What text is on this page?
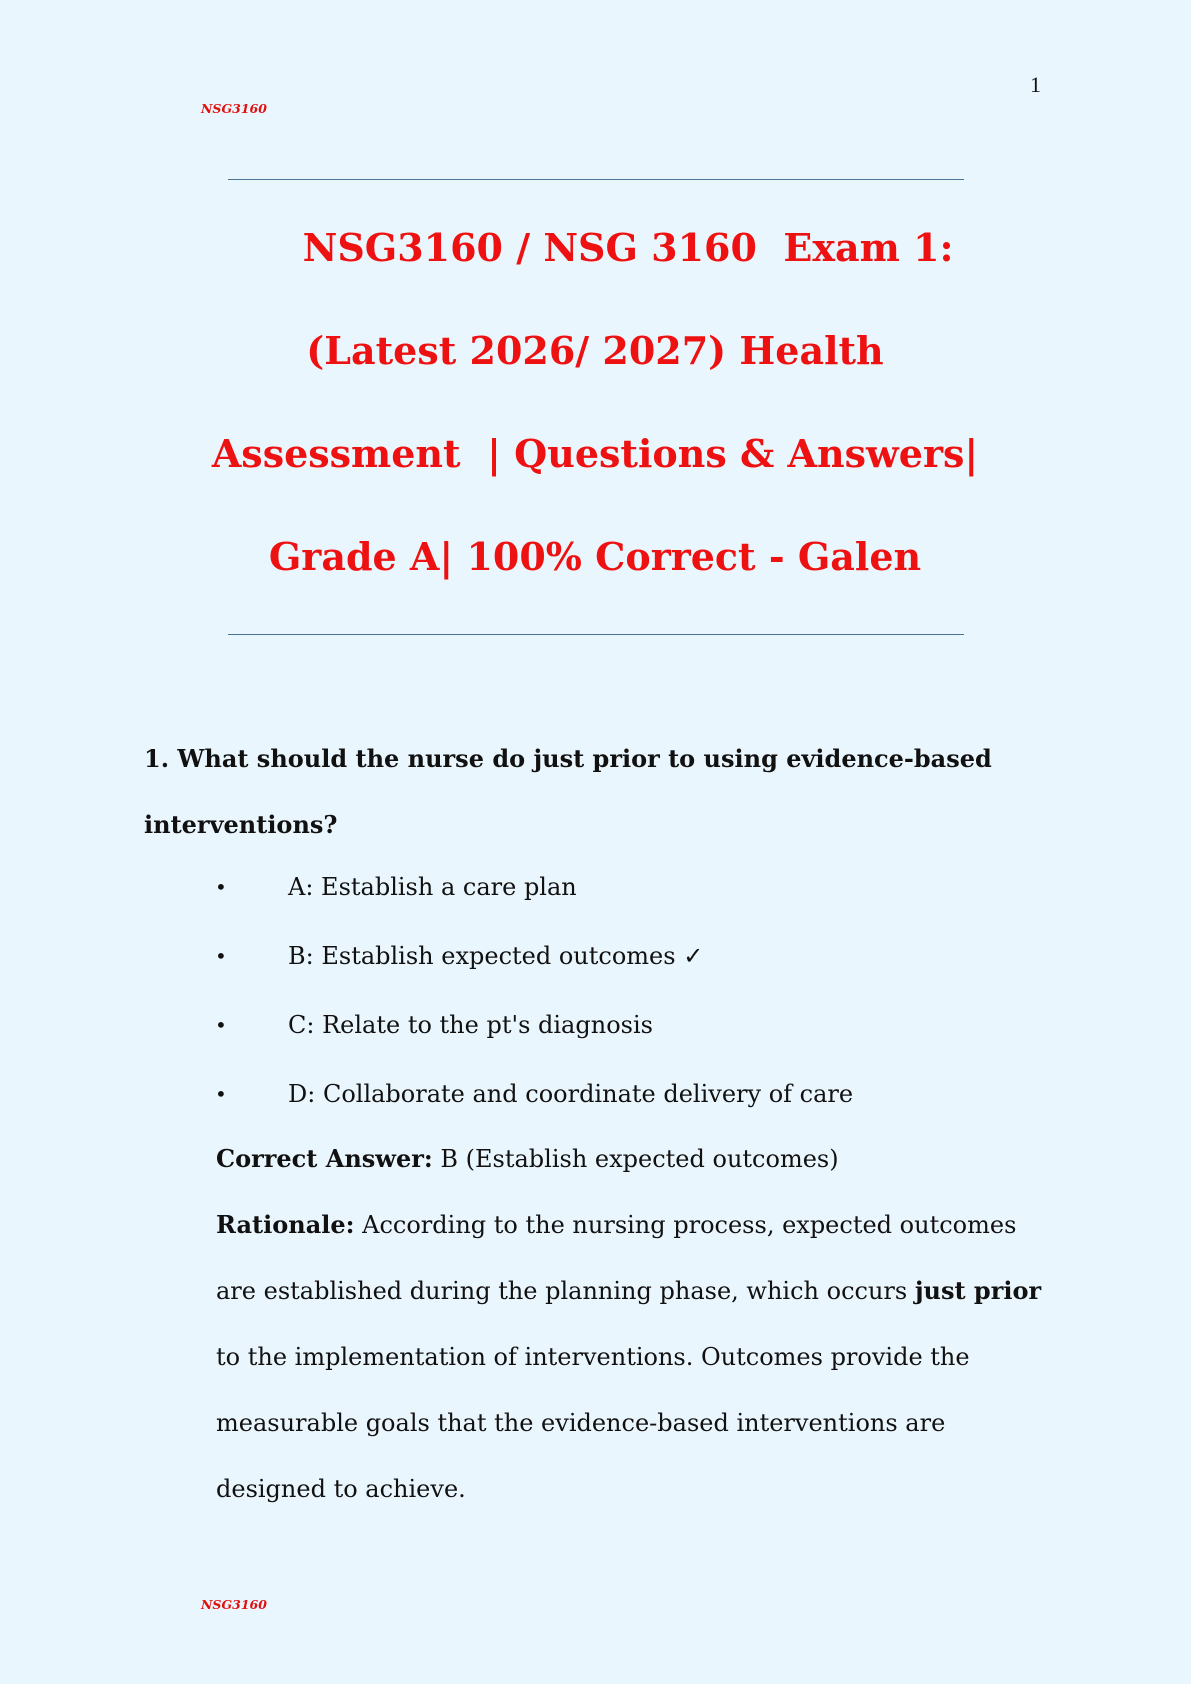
1
NSG3160
NSG3160 / NSG 3160  Exam 1:
(Latest 2026/ 2027) Health
Assessment  | Questions & Answers|
Grade A| 100% Correct - Galen
1. What should the nurse do just prior to using evidence-based interventions?
•	A: Establish a care plan
•	B: Establish expected outcomes ✓
•	C: Relate to the pt's diagnosis
•	D: Collaborate and coordinate delivery of care
Correct Answer: B (Establish expected outcomes)
Rationale: According to the nursing process, expected outcomes are established during the planning phase, which occurs just prior to the implementation of interventions. Outcomes provide the measurable goals that the evidence-based interventions are designed to achieve.
NSG3160
